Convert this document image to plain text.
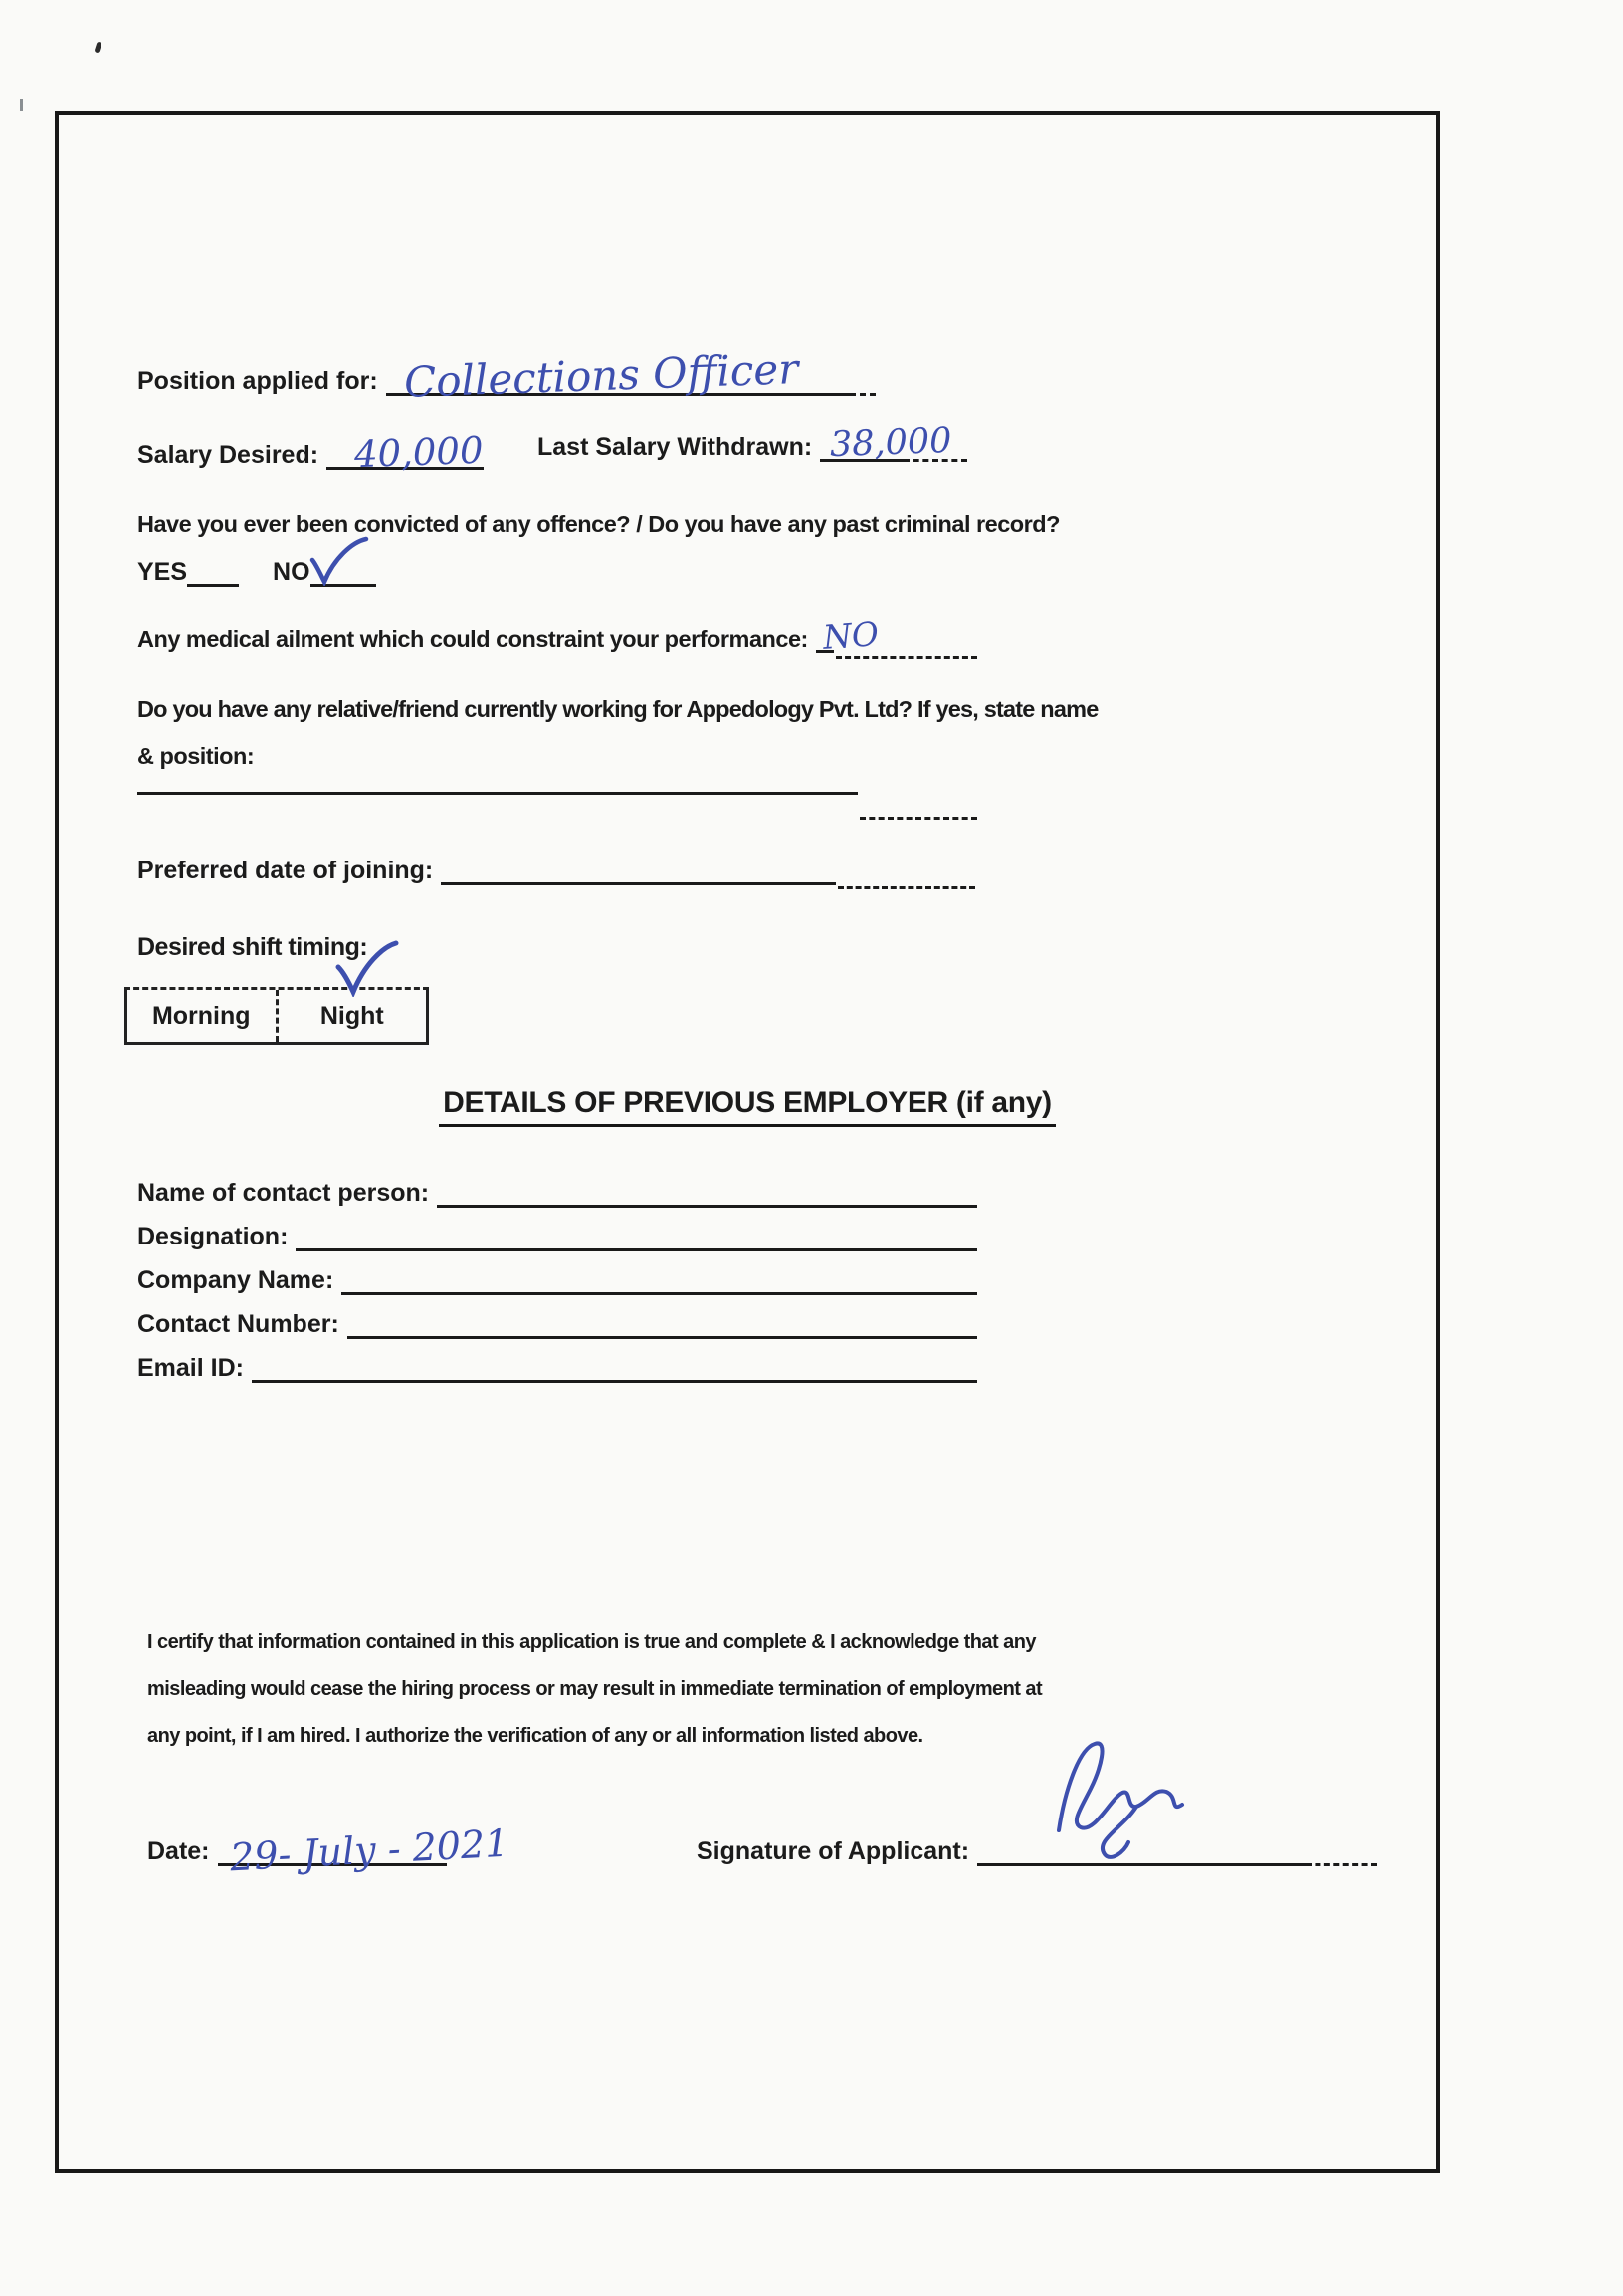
Position applied for: Collections Officer
Salary Desired: 40,000 Last Salary Withdrawn: 38,000
Have you ever been convicted of any offence? / Do you have any past criminal record?
YES	NO
Any medical ailment which could constraint your performance: NO
Do you have any relative/friend currently working for Appedology Pvt. Ltd? If yes, state name
& position:
Preferred date of joining:
Desired shift timing:
Morning	Night
DETAILS OF PREVIOUS EMPLOYER (if any)
Name of contact person:
Designation:
Company Name:
Contact Number:
Email ID:
I certify that information contained in this application is true and complete & I acknowledge that any
misleading would cease the hiring process or may result in immediate termination of employment at
any point, if I am hired. I authorize the verification of any or all information listed above.
Date: 29- July - 2021	Signature of Applicant:
